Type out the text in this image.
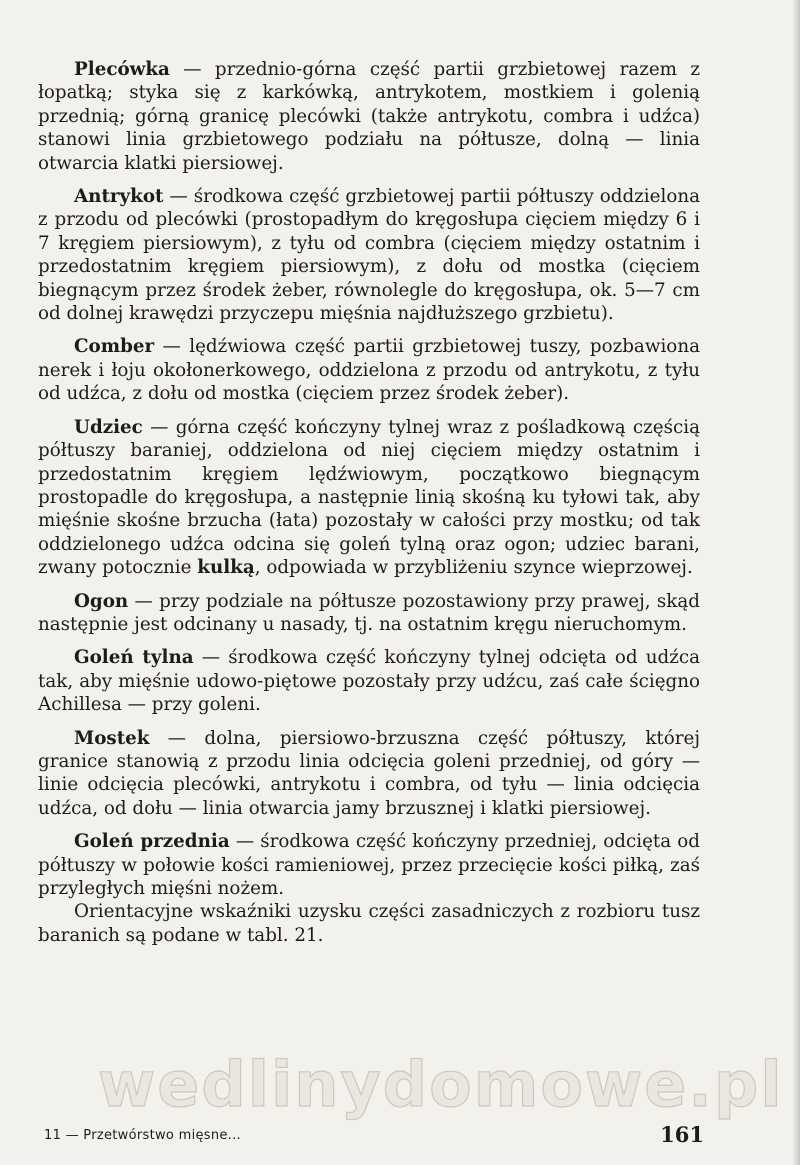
Plecówka — przednio-górna część partii grzbietowej razem z łopatką; styka się z karkówką, antrykotem, mostkiem i golenią przednią; górną granicę plecówki (także antrykotu, combra i udźca) stanowi linia grzbietowego podziału na półtusze, dolną — linia otwarcia klatki piersiowej.

Antrykot — środkowa część grzbietowej partii półtuszy oddzielona z przodu od plecówki (prostopadłym do kręgosłupa cięciem między 6 i 7 kręgiem piersiowym), z tyłu od combra (cięciem między ostatnim i przedostatnim kręgiem piersiowym), z dołu od mostka (cięciem biegnącym przez środek żeber, równolegle do kręgosłupa, ok. 5—7 cm od dolnej krawędzi przyczepu mięśnia najdłuższego grzbietu).

Comber — lędźwiowa część partii grzbietowej tuszy, pozbawiona nerek i łoju okołonerkowego, oddzielona z przodu od antrykotu, z tyłu od udźca, z dołu od mostka (cięciem przez środek żeber).

Udziec — górna część kończyny tylnej wraz z pośladkową częścią półtuszy baraniej, oddzielona od niej cięciem między ostatnim i przedostatnim kręgiem lędźwiowym, początkowo biegnącym prostopadle do kręgosłupa, a następnie linią skośną ku tyłowi tak, aby mięśnie skośne brzucha (łata) pozostały w całości przy mostku; od tak oddzielonego udźca odcina się goleń tylną oraz ogon; udziec barani, zwany potocznie kulką, odpowiada w przybliżeniu szynce wieprzowej.

Ogon — przy podziale na półtusze pozostawiony przy prawej, skąd następnie jest odcinany u nasady, tj. na ostatnim kręgu nieruchomym.

Goleń tylna — środkowa część kończyny tylnej odcięta od udźca tak, aby mięśnie udowo-piętowe pozostały przy udźcu, zaś całe ścięgno Achillesa — przy goleni.

Mostek — dolna, piersiowo-brzuszna część półtuszy, której granice stanowią z przodu linia odcięcia goleni przedniej, od góry — linie odcięcia plecówki, antrykotu i combra, od tyłu — linia odcięcia udźca, od dołu — linia otwarcia jamy brzusznej i klatki piersiowej.

Goleń przednia — środkowa część kończyny przedniej, odcięta od półtuszy w połowie kości ramieniowej, przez przecięcie kości piłką, zaś przyległych mięśni nożem.

Orientacyjne wskaźniki uzysku części zasadniczych z rozbioru tusz baranich są podane w tabl. 21.

wedlinydomowe.pl
11 — Przetwórstwo mięsne...	161
